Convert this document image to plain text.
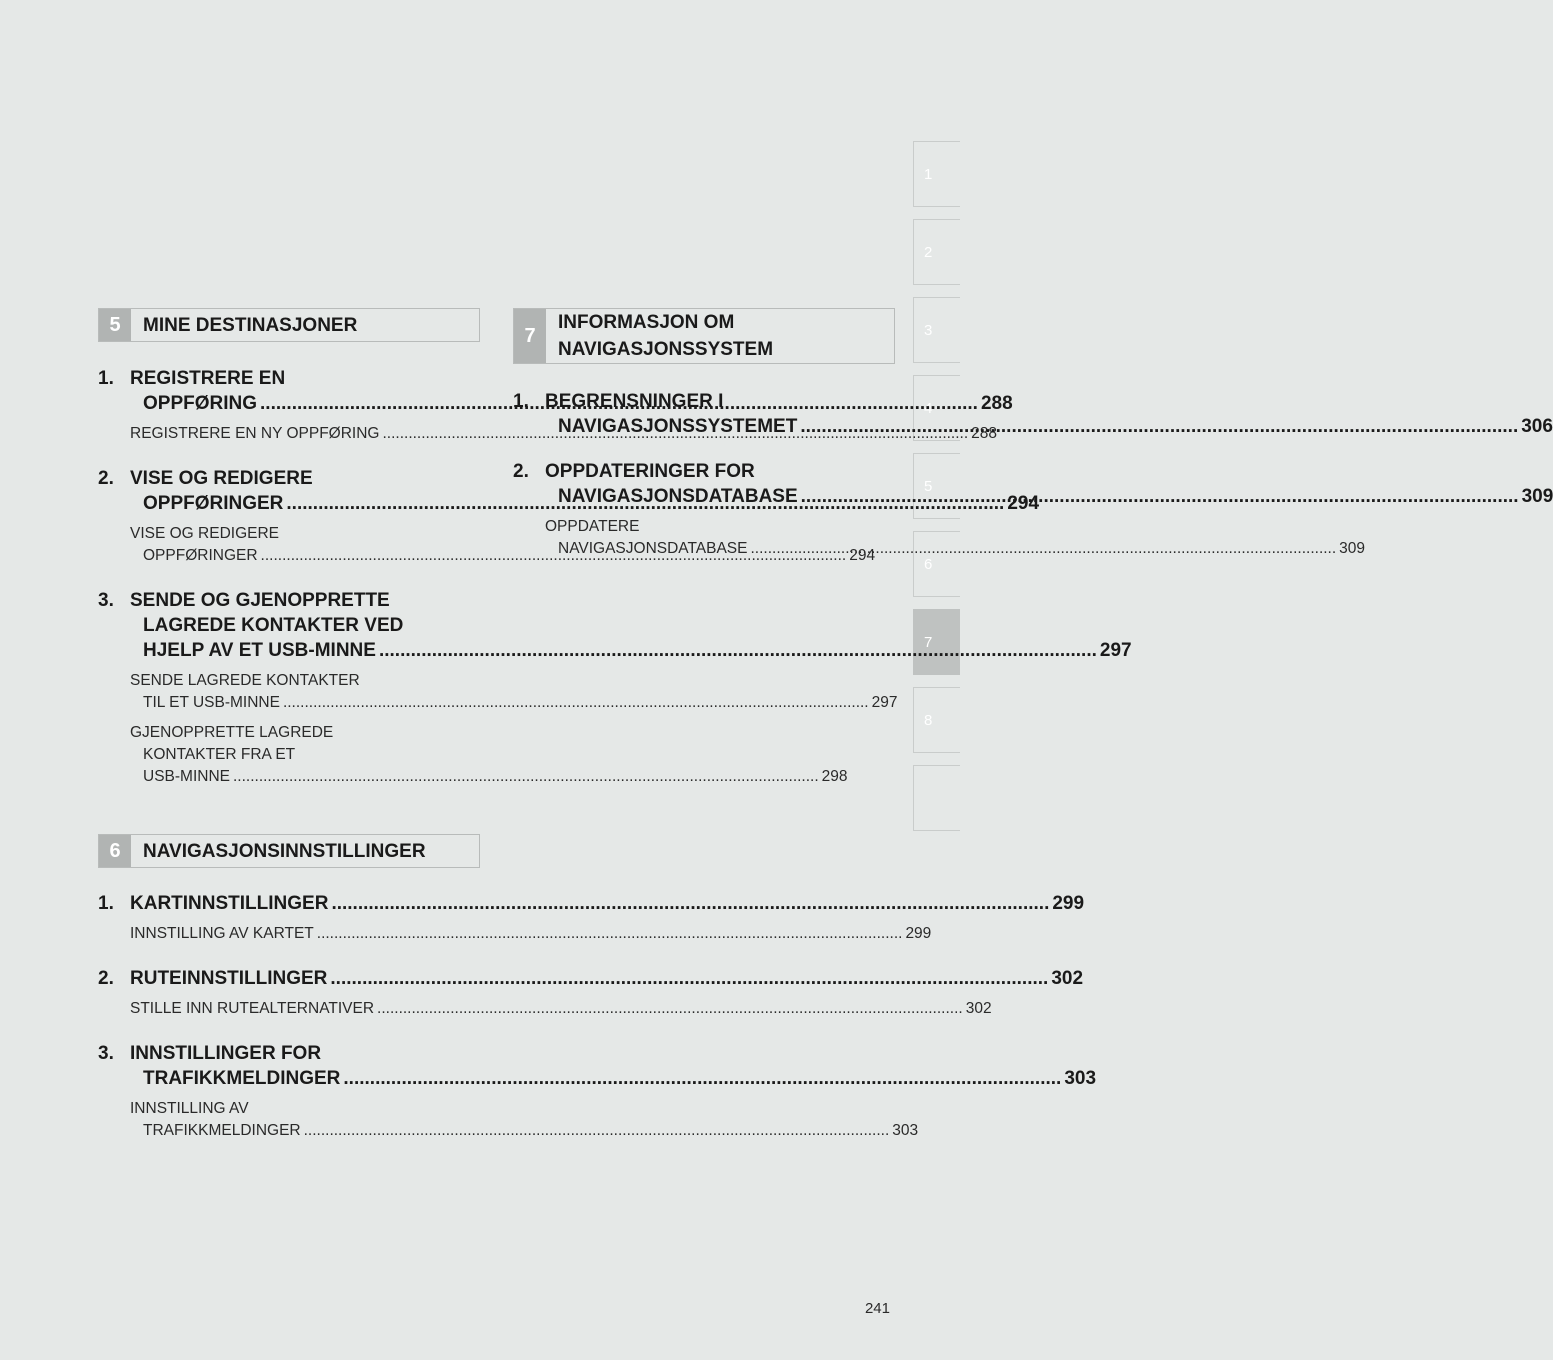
1
2
3
4
5
6
7
8
5	MINE DESTINASJONER
1. REGISTRERE EN
OPPFØRING .....	288
REGISTRERE EN NY OPPFØRING .....	288
2. VISE OG REDIGERE
OPPFØRINGER .....	294
VISE OG REDIGERE
OPPFØRINGER .....	294
3. SENDE OG GJENOPPRETTE
LAGREDE KONTAKTER VED
HJELP AV ET USB-MINNE .....	297
SENDE LAGREDE KONTAKTER
TIL ET USB-MINNE .....	297
GJENOPPRETTE LAGREDE
KONTAKTER FRA ET
USB-MINNE .....	298
6	NAVIGASJONSINNSTILLINGER
1. KARTINNSTILLINGER .....	299
INNSTILLING AV KARTET .....	299
2. RUTEINNSTILLINGER .....	302
STILLE INN RUTEALTERNATIVER .....	302
3. INNSTILLINGER FOR
TRAFIKKMELDINGER .....	303
INNSTILLING AV
TRAFIKKMELDINGER .....	303
7
INFORMASJON OM
NAVIGASJONSSYSTEM
1. BEGRENSNINGER I
NAVIGASJONSSYSTEMET .....	306
2. OPPDATERINGER FOR
NAVIGASJONSDATABASE .....	309
OPPDATERE
NAVIGASJONSDATABASE .....	309
241
